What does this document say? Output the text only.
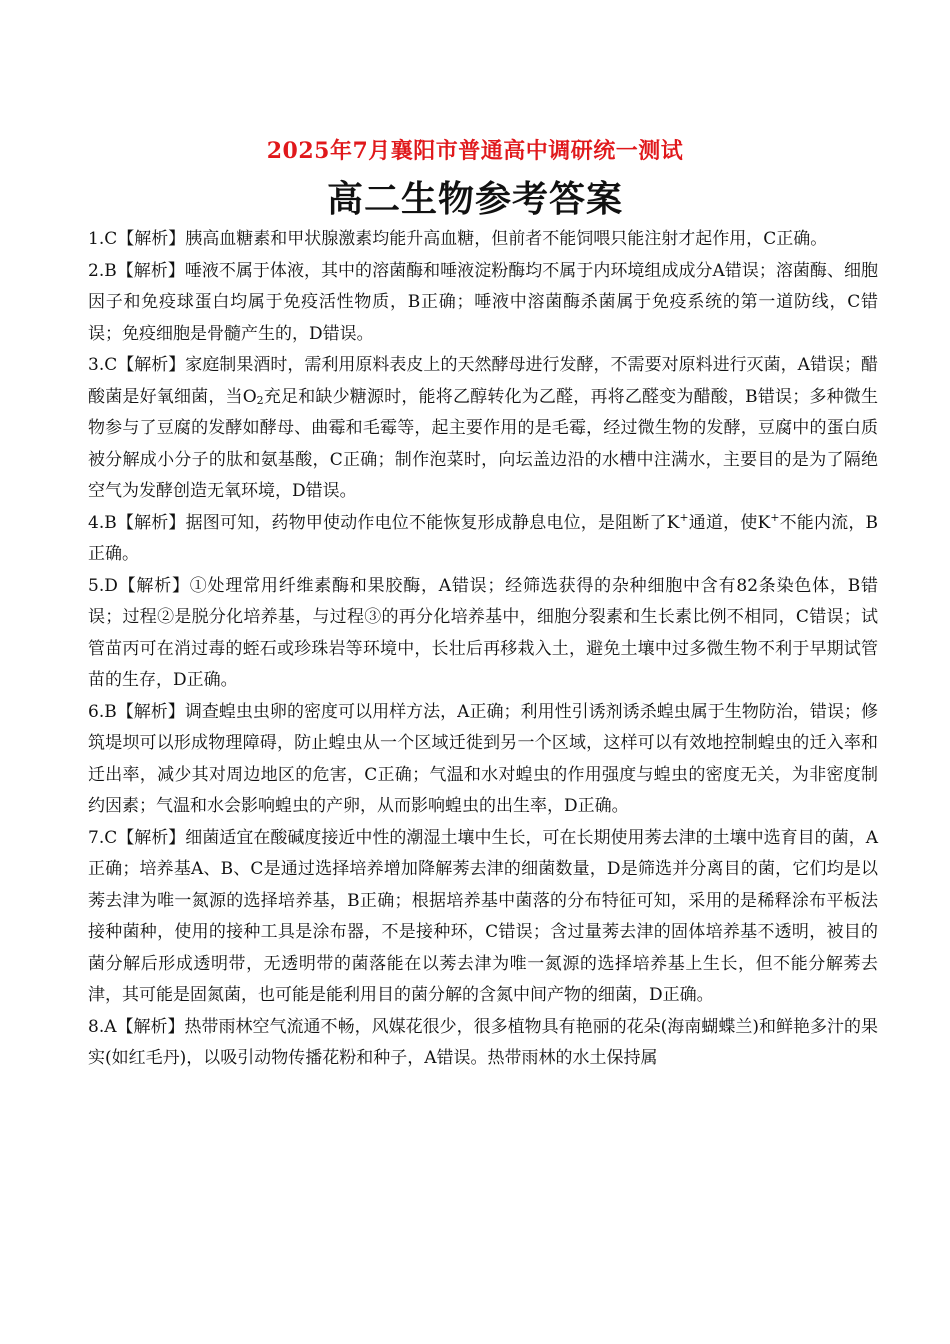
2025年7月襄阳市普通高中调研统一测试
高二生物参考答案

1.C【解析】胰高血糖素和甲状腺激素均能升高血糖，但前者不能饲喂只能注射才起作用，C正确。

2.B【解析】唾液不属于体液，其中的溶菌酶和唾液淀粉酶均不属于内环境组成成分A错误；溶菌酶、细胞因子和免疫球蛋白均属于免疫活性物质，B正确；唾液中溶菌酶杀菌属于免疫系统的第一道防线，C错误；免疫细胞是骨髓产生的，D错误。

3.C【解析】家庭制果酒时，需利用原料表皮上的天然酵母进行发酵，不需要对原料进行灭菌，A错误；醋酸菌是好氧细菌，当$O_2$充足和缺少糖源时，能将乙醇转化为乙醛，再将乙醛变为醋酸，B错误；多种微生物参与了豆腐的发酵如酵母、曲霉和毛霉等，起主要作用的是毛霉，经过微生物的发酵，豆腐中的蛋白质被分解成小分子的肽和氨基酸，C正确；制作泡菜时，向坛盖边沿的水槽中注满水，主要目的是为了隔绝空气为发酵创造无氧环境，D错误。

4.B【解析】据图可知，药物甲使动作电位不能恢复形成静息电位，是阻断了K+通道，使K+不能内流，B正确。

5.D【解析】①处理常用纤维素酶和果胶酶，A错误；经筛选获得的杂种细胞中含有82条染色体，B错误；过程②是脱分化培养基，与过程③的再分化培养基中，细胞分裂素和生长素比例不相同，C错误；试管苗丙可在消过毒的蛭石或珍珠岩等环境中，长壮后再移栽入土，避免土壤中过多微生物不利于早期试管苗的生存，D正确。

6.B【解析】调查蝗虫虫卵的密度可以用样方法，A正确；利用性引诱剂诱杀蝗虫属于生物防治，错误；修筑堤坝可以形成物理障碍，防止蝗虫从一个区域迁徙到另一个区域，这样可以有效地控制蝗虫的迁入率和迁出率，减少其对周边地区的危害，C正确；气温和水对蝗虫的作用强度与蝗虫的密度无关，为非密度制约因素；气温和水会影响蝗虫的产卵，从而影响蝗虫的出生率，D正确。

7.C【解析】细菌适宜在酸碱度接近中性的潮湿土壤中生长，可在长期使用莠去津的土壤中选育目的菌，A正确；培养基A、B、C是通过选择培养增加降解莠去津的细菌数量，D是筛选并分离目的菌，它们均是以莠去津为唯一氮源的选择培养基，B正确；根据培养基中菌落的分布特征可知，采用的是稀释涂布平板法接种菌种，使用的接种工具是涂布器，不是接种环，C错误；含过量莠去津的固体培养基不透明，被目的菌分解后形成透明带，无透明带的菌落能在以莠去津为唯一氮源的选择培养基上生长，但不能分解莠去津，其可能是固氮菌，也可能是能利用目的菌分解的含氮中间产物的细菌，D正确。

8.A【解析】热带雨林空气流通不畅，风媒花很少，很多植物具有艳丽的花朵(海南蝴蝶兰)和鲜艳多汁的果实(如红毛丹)，以吸引动物传播花粉和种子，A错误。热带雨林的水土保持属
